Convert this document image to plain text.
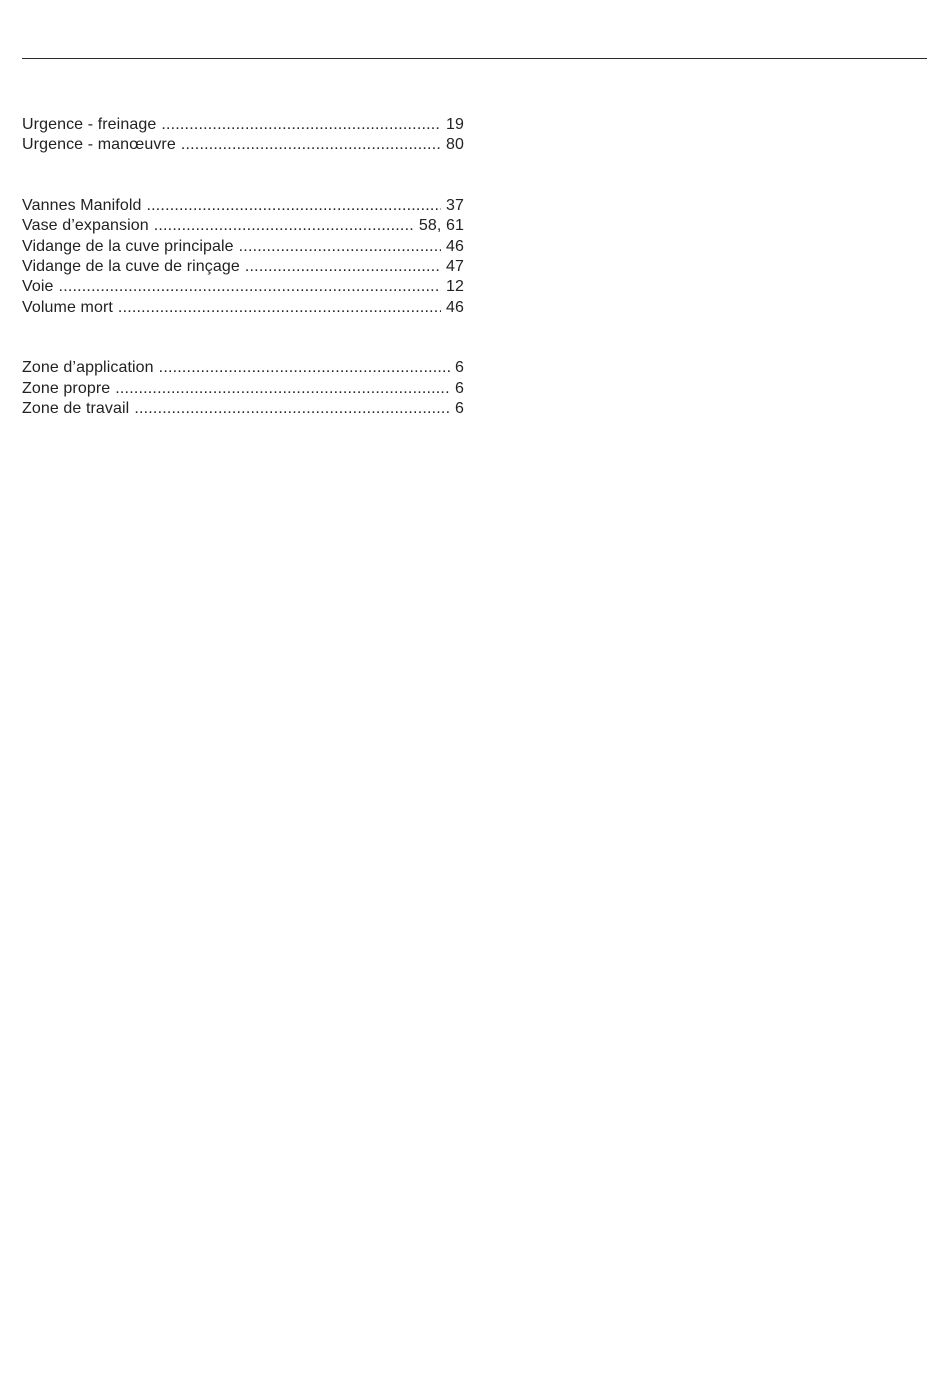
Urgence - freinage .....	19
Urgence - manœuvre .....	80
Vannes Manifold .....	37
Vase d’expansion .....	58, 61
Vidange de la cuve principale .....	46
Vidange de la cuve de rinçage .....	47
Voie .....	12
Volume mort .....	46
Zone d’application .....	6
Zone propre .....	6
Zone de travail .....	6
